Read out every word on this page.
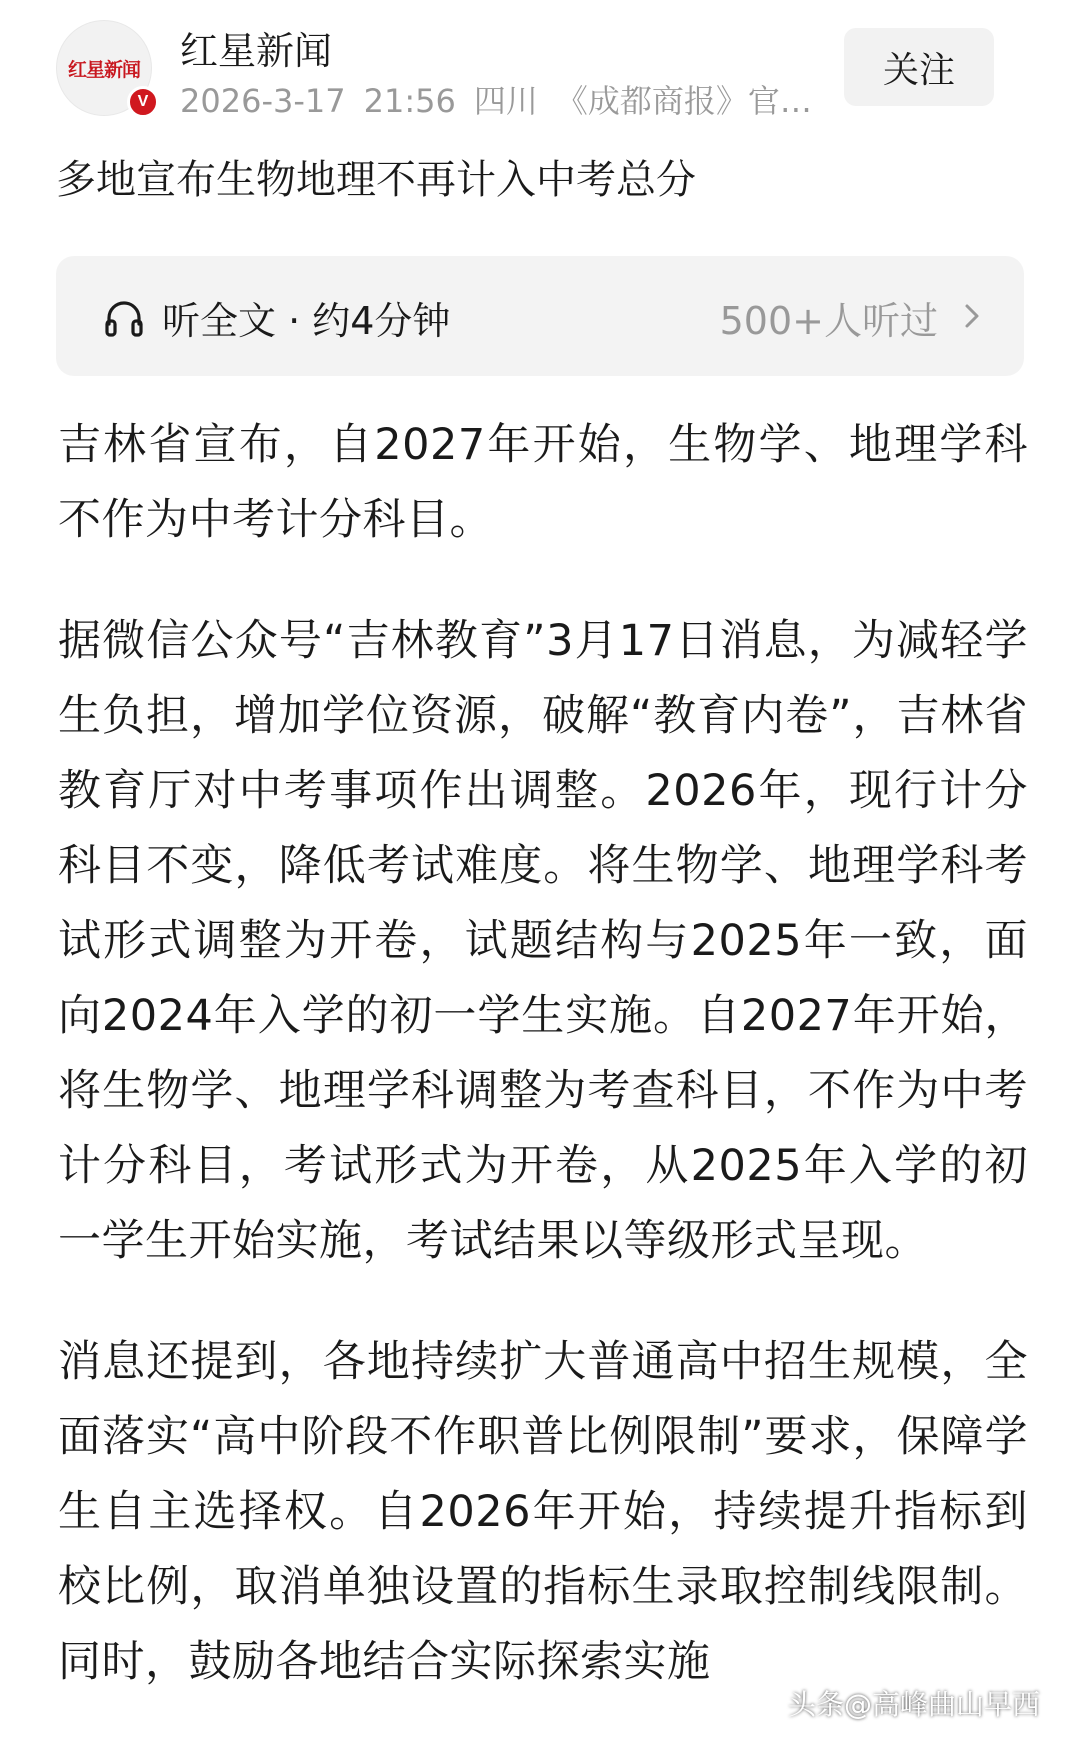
红星新闻
V
红星新闻
2026-3-17 21:56 四川 《成都商报》官…
关注
多地宣布生物地理不再计入中考总分
听全文 · 约4分钟	500+人听过

吉林省宣布，自2027年开始，生物学、地理学科不作为中考计分科目。

据微信公众号“吉林教育”3月17日消息，为减轻学生负担，增加学位资源，破解“教育内卷”，吉林省教育厅对中考事项作出调整。2026年，现行计分科目不变，降低考试难度。将生物学、地理学科考试形式调整为开卷，试题结构与2025年一致，面向2024年入学的初一学生实施。自2027年开始，将生物学、地理学科调整为考查科目，不作为中考计分科目，考试形式为开卷，从2025年入学的初一学生开始实施，考试结果以等级形式呈现。

消息还提到，各地持续扩大普通高中招生规模，全面落实“高中阶段不作职普比例限制”要求，保障学生自主选择权。自2026年开始，持续提升指标到校比例，取消单独设置的指标生录取控制线限制。同时，鼓励各地结合实际探索实施

头条@高峰曲山早西
